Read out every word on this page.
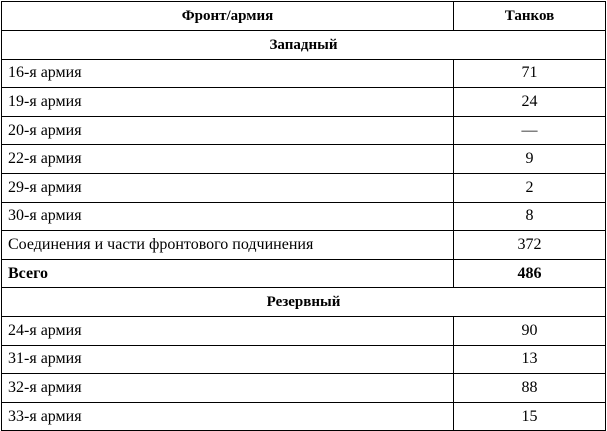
Фронт/армия	Танков
Западный	
16-я армия	71
19-я армия	24
20-я армия	—
22-я армия	9
29-я армия	2
30-я армия	8
Соединения и части фронтового подчинения	372
Всего	486
Резервный	
24-я армия	90
31-я армия	13
32-я армия	88
33-я армия	15
